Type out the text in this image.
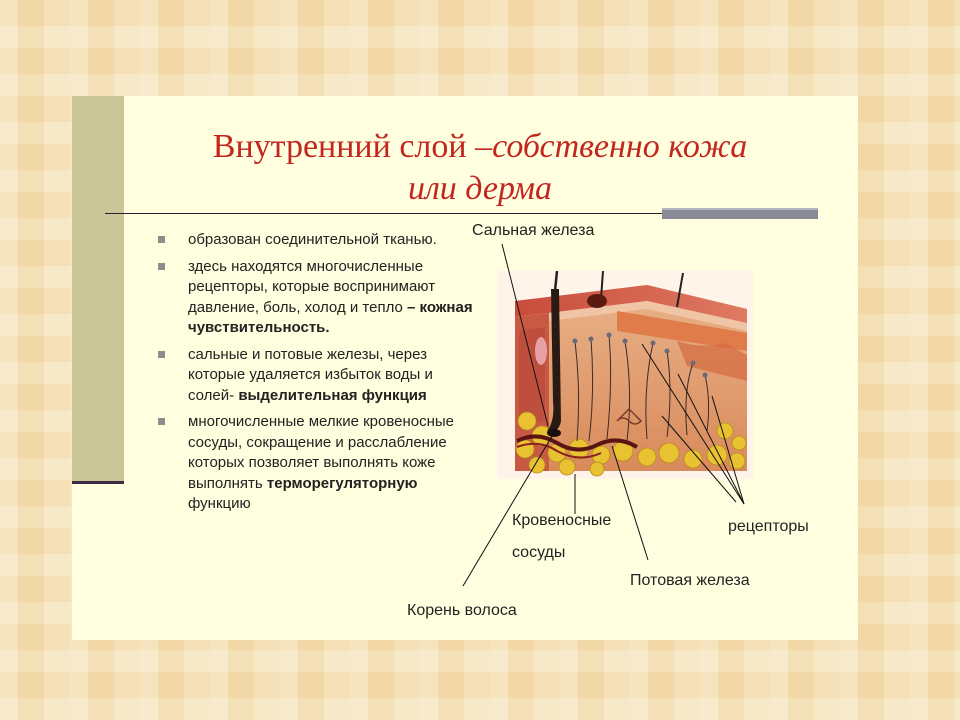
Внутренний слой –собственно кожа
или дерма
образован соединительной тканью.
здесь находятся многочисленные рецепторы, которые воспринимают давление, боль, холод и тепло – кожная чувствительность.
сальные и потовые железы, через которые удаляется избыток воды и солей- выделительная функция
многочисленные мелкие кровеносные сосуды, сокращение и расслабление которых позволяет выполнять коже выполнять терморегуляторную функцию
Сальная железа
Кровеносные
сосуды
рецепторы
Потовая железа
Корень волоса
